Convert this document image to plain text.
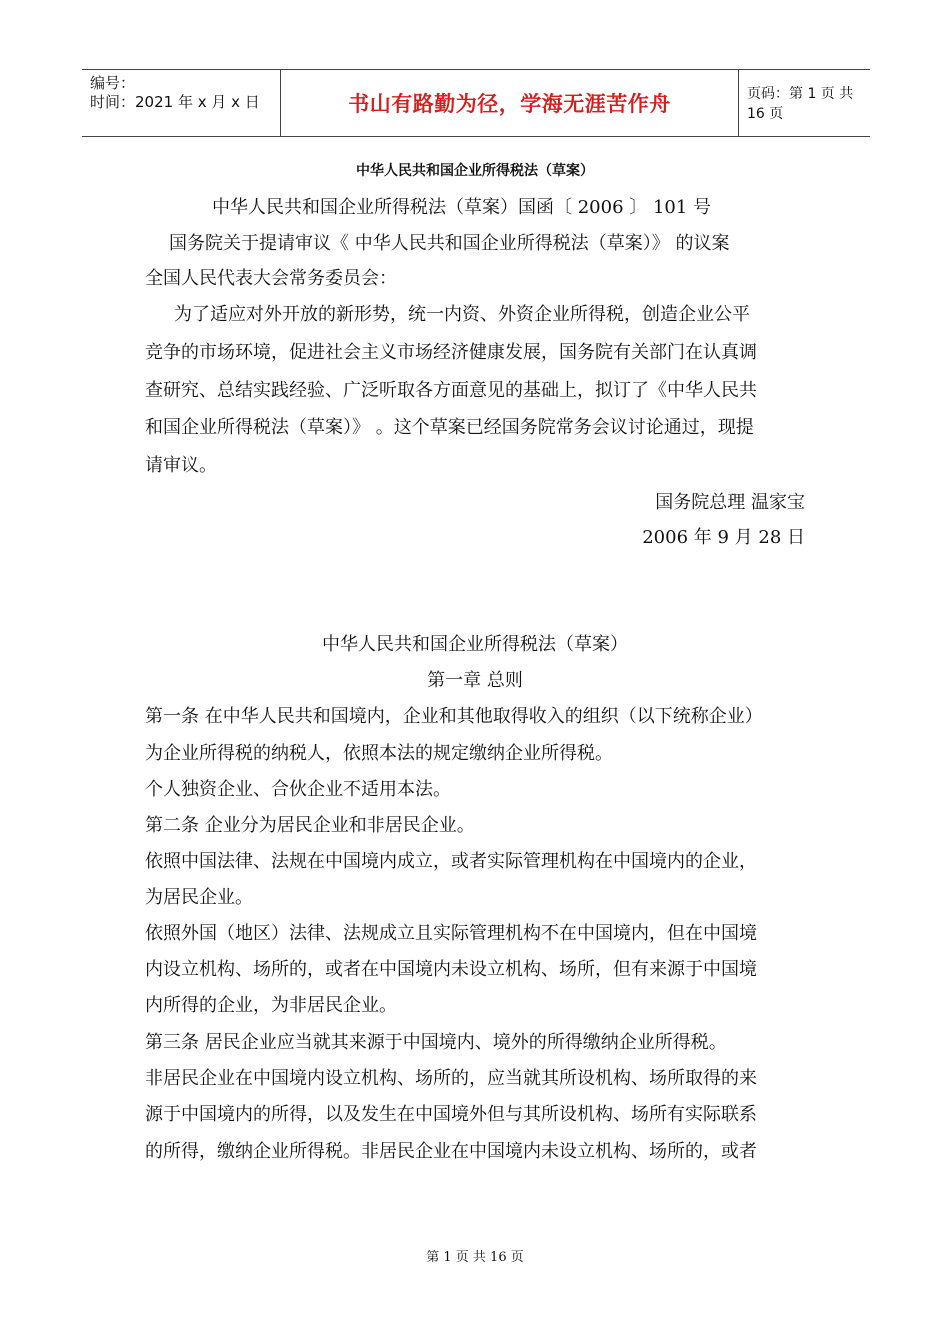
编号：
时间：2021 年 x 月 x 日	书山有路勤为径，学海无涯苦作舟	页码：第 1 页 共 16 页
中华人民共和国企业所得税法（草案）
中华人民共和国企业所得税法（草案）国函〔 2006 〕 101 号
国务院关于提请审议《 中华人民共和国企业所得税法（草案）》 的议案
全国人民代表大会常务委员会：
为了适应对外开放的新形势，统一内资、外资企业所得税，创造企业公平
竞争的市场环境，促进社会主义市场经济健康发展，国务院有关部门在认真调
查研究、总结实践经验、广泛听取各方面意见的基础上，拟订了《中华人民共
和国企业所得税法（草案）》 。这个草案已经国务院常务会议讨论通过，现提
请审议。
国务院总理 温家宝
2006 年 9 月 28 日
中华人民共和国企业所得税法（草案）
第一章 总则
第一条 在中华人民共和国境内，企业和其他取得收入的组织（以下统称企业）
为企业所得税的纳税人，依照本法的规定缴纳企业所得税。
个人独资企业、合伙企业不适用本法。
第二条 企业分为居民企业和非居民企业。
依照中国法律、法规在中国境内成立，或者实际管理机构在中国境内的企业，
为居民企业。
依照外国（地区）法律、法规成立且实际管理机构不在中国境内，但在中国境
内设立机构、场所的，或者在中国境内未设立机构、场所，但有来源于中国境
内所得的企业，为非居民企业。
第三条 居民企业应当就其来源于中国境内、境外的所得缴纳企业所得税。
非居民企业在中国境内设立机构、场所的，应当就其所设机构、场所取得的来
源于中国境内的所得，以及发生在中国境外但与其所设机构、场所有实际联系
的所得，缴纳企业所得税。非居民企业在中国境内未设立机构、场所的，或者
第 1 页 共 16 页
